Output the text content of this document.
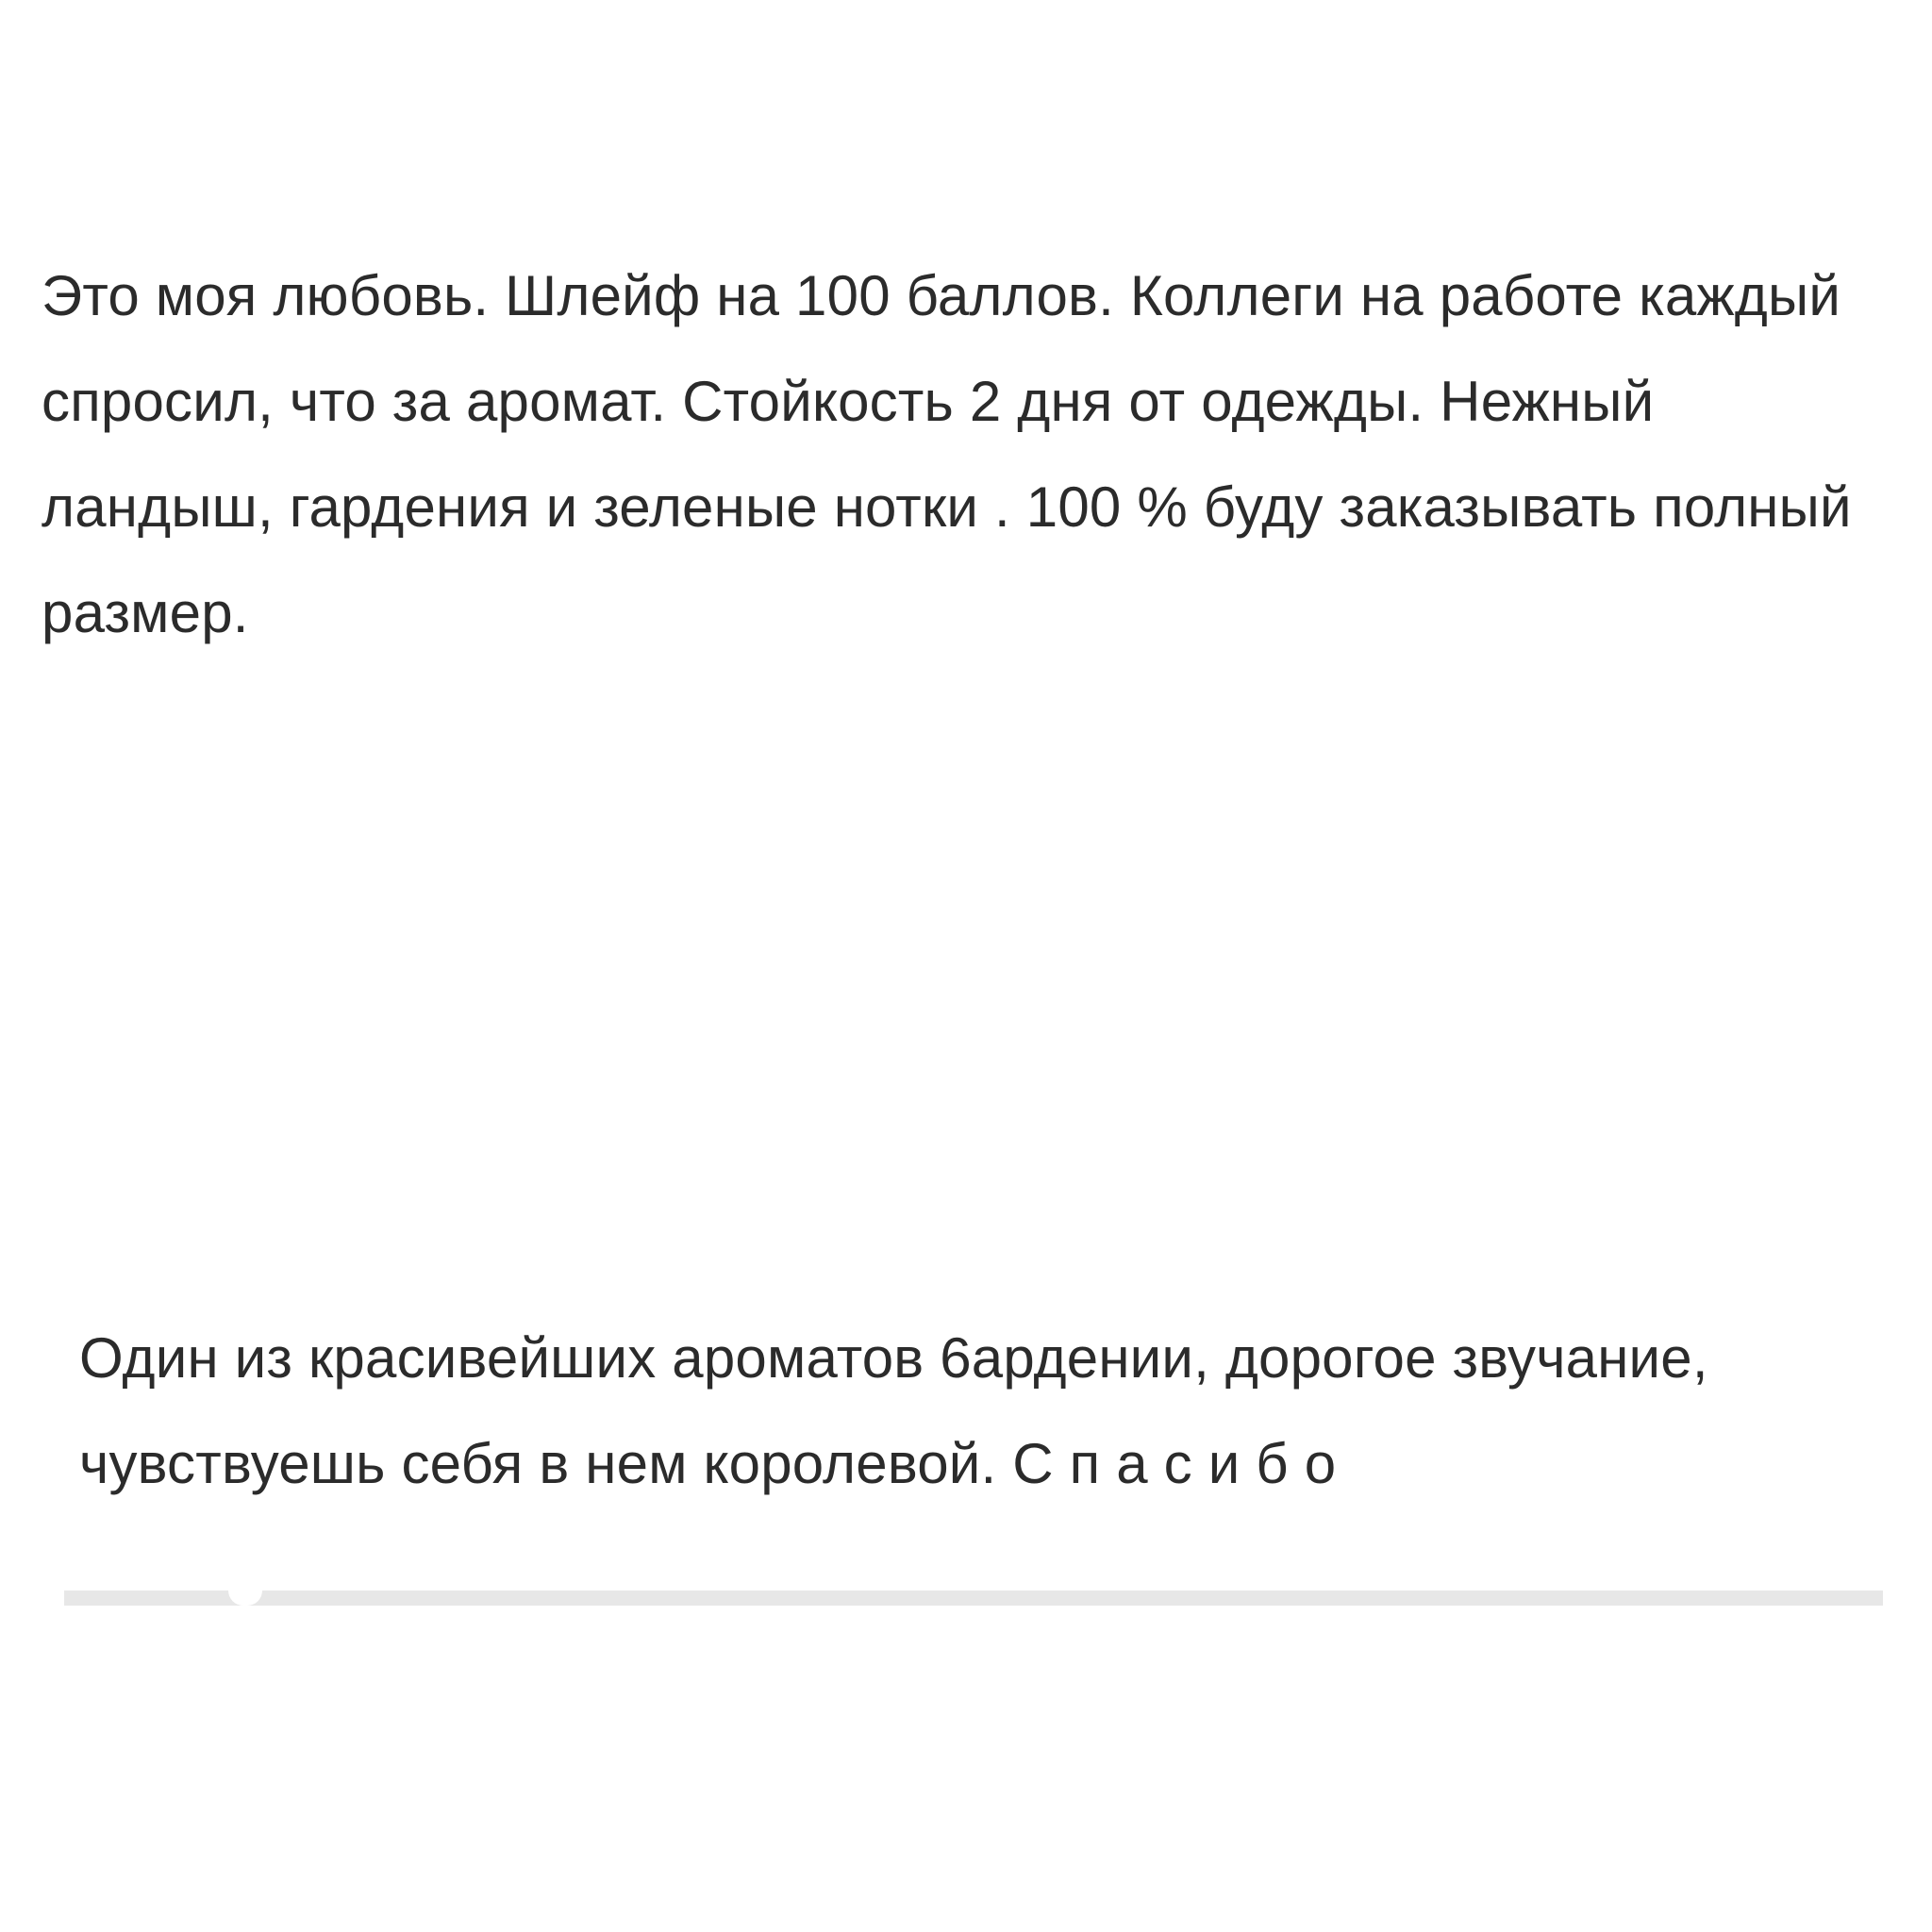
Это моя любовь. Шлейф на 100 баллов. Коллеги на работе каждый спросил, что за аромат. Стойкость 2 дня от одежды. Нежный ландыш, гардения и зеленые нотки . 100 % буду заказывать полный размер.

Один из красивейших ароматов 6ардении, дорогое звучание, чувствуешь себя в нем королевой. С п а с и б о
